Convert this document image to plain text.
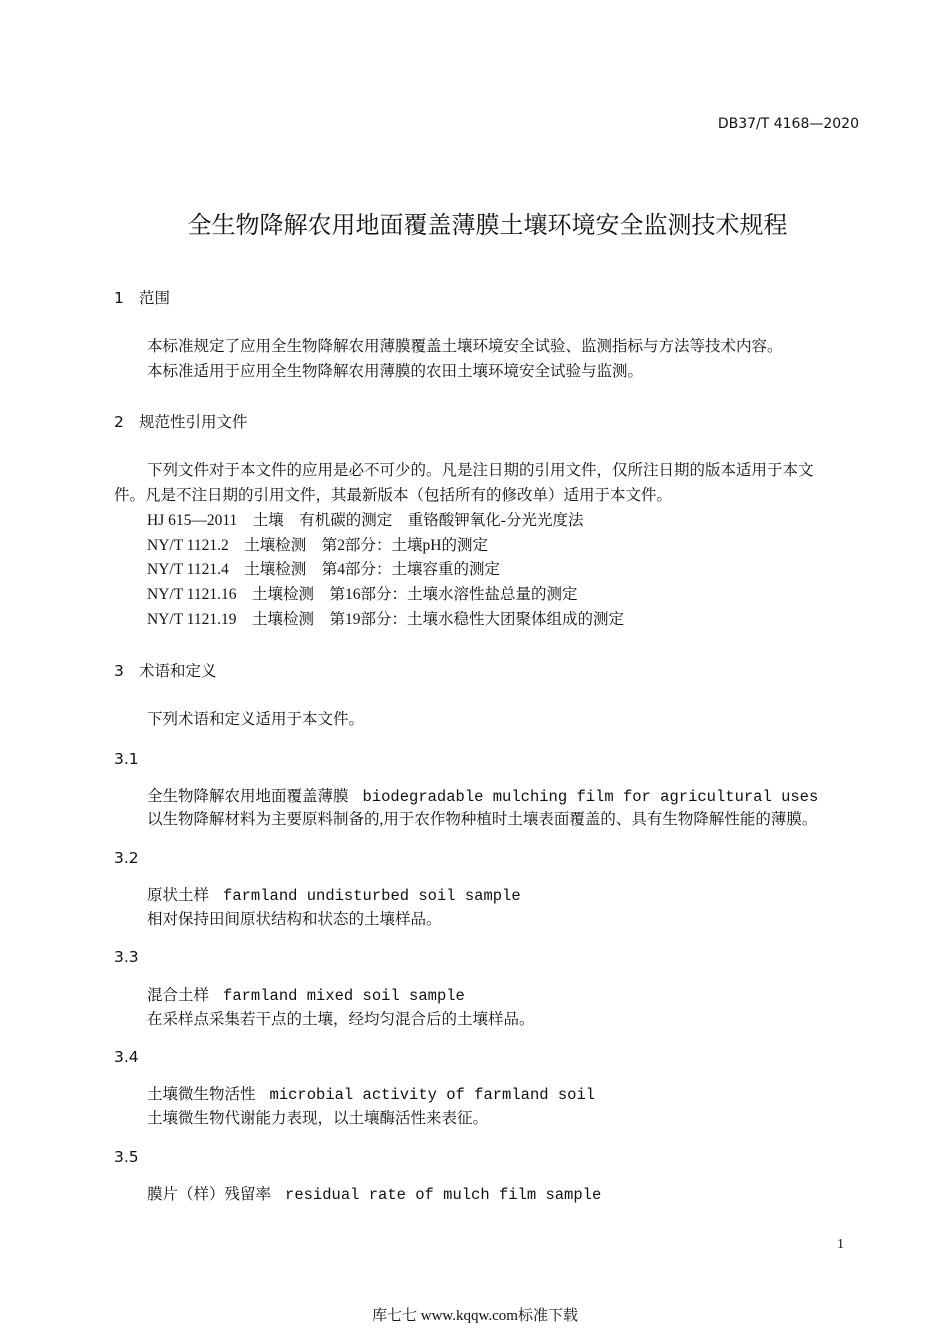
DB37/T 4168—2020
全生物降解农用地面覆盖薄膜土壤环境安全监测技术规程
1 范围
本标准规定了应用全生物降解农用薄膜覆盖土壤环境安全试验、监测指标与方法等技术内容。
本标准适用于应用全生物降解农用薄膜的农田土壤环境安全试验与监测。
2 规范性引用文件
下列文件对于本文件的应用是必不可少的。凡是注日期的引用文件，仅所注日期的版本适用于本文
件。凡是不注日期的引用文件，其最新版本（包括所有的修改单）适用于本文件。
HJ 615—2011　土壤　有机碳的测定　重铬酸钾氧化-分光光度法
NY/T 1121.2　土壤检测　第2部分：土壤pH的测定
NY/T 1121.4　土壤检测　第4部分：土壤容重的测定
NY/T 1121.16　土壤检测　第16部分：土壤水溶性盐总量的测定
NY/T 1121.19　土壤检测　第19部分：土壤水稳性大团聚体组成的测定
3 术语和定义
下列术语和定义适用于本文件。
3.1
全生物降解农用地面覆盖薄膜 biodegradable mulching film for agricultural uses
以生物降解材料为主要原料制备的,用于农作物种植时土壤表面覆盖的、具有生物降解性能的薄膜。
3.2
原状土样 farmland undisturbed soil sample
相对保持田间原状结构和状态的土壤样品。
3.3
混合土样 farmland mixed soil sample
在采样点采集若干点的土壤，经均匀混合后的土壤样品。
3.4
土壤微生物活性 microbial activity of farmland soil
土壤微生物代谢能力表现，以土壤酶活性来表征。
3.5
膜片（样）残留率 residual rate of mulch film sample
1
库七七 www.kqqw.com标准下载
